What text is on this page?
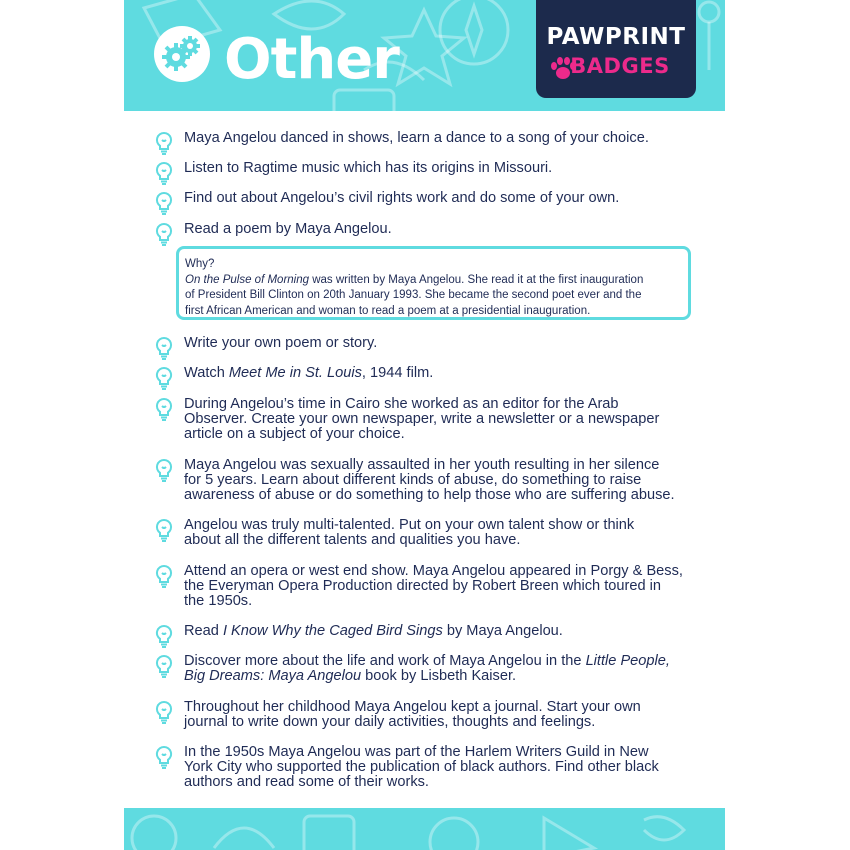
Other	PAWPRINT
BADGES
Maya Angelou danced in shows, learn a dance to a song of your choice.
Listen to Ragtime music which has its origins in Missouri.
Find out about Angelou’s civil rights work and do some of your own.
Read a poem by Maya Angelou.
Write your own poem or story.
Watch Meet Me in St. Louis, 1944 film.
During Angelou’s time in Cairo she worked as an editor for the Arab
Observer. Create your own newspaper, write a newsletter or a newspaper
article on a subject of your choice.
Maya Angelou was sexually assaulted in her youth resulting in her silence
for 5 years. Learn about different kinds of abuse, do something to raise
awareness of abuse or do something to help those who are suffering abuse.
Angelou was truly multi-talented. Put on your own talent show or think
about all the different talents and qualities you have.
Attend an opera or west end show. Maya Angelou appeared in Porgy & Bess,
the Everyman Opera Production directed by Robert Breen which toured in
the 1950s.
Read I Know Why the Caged Bird Sings by Maya Angelou.
Discover more about the life and work of Maya Angelou in the Little People,
Big Dreams: Maya Angelou book by Lisbeth Kaiser.
Throughout her childhood Maya Angelou kept a journal. Start your own
journal to write down your daily activities, thoughts and feelings.
In the 1950s Maya Angelou was part of the Harlem Writers Guild in New
York City who supported the publication of black authors. Find other black
authors and read some of their works.

Why?

On the Pulse of Morning was written by Maya Angelou. She read it at the first inauguration

of President Bill Clinton on 20th January 1993. She became the second poet ever and the

first African American and woman to read a poem at a presidential inauguration.
